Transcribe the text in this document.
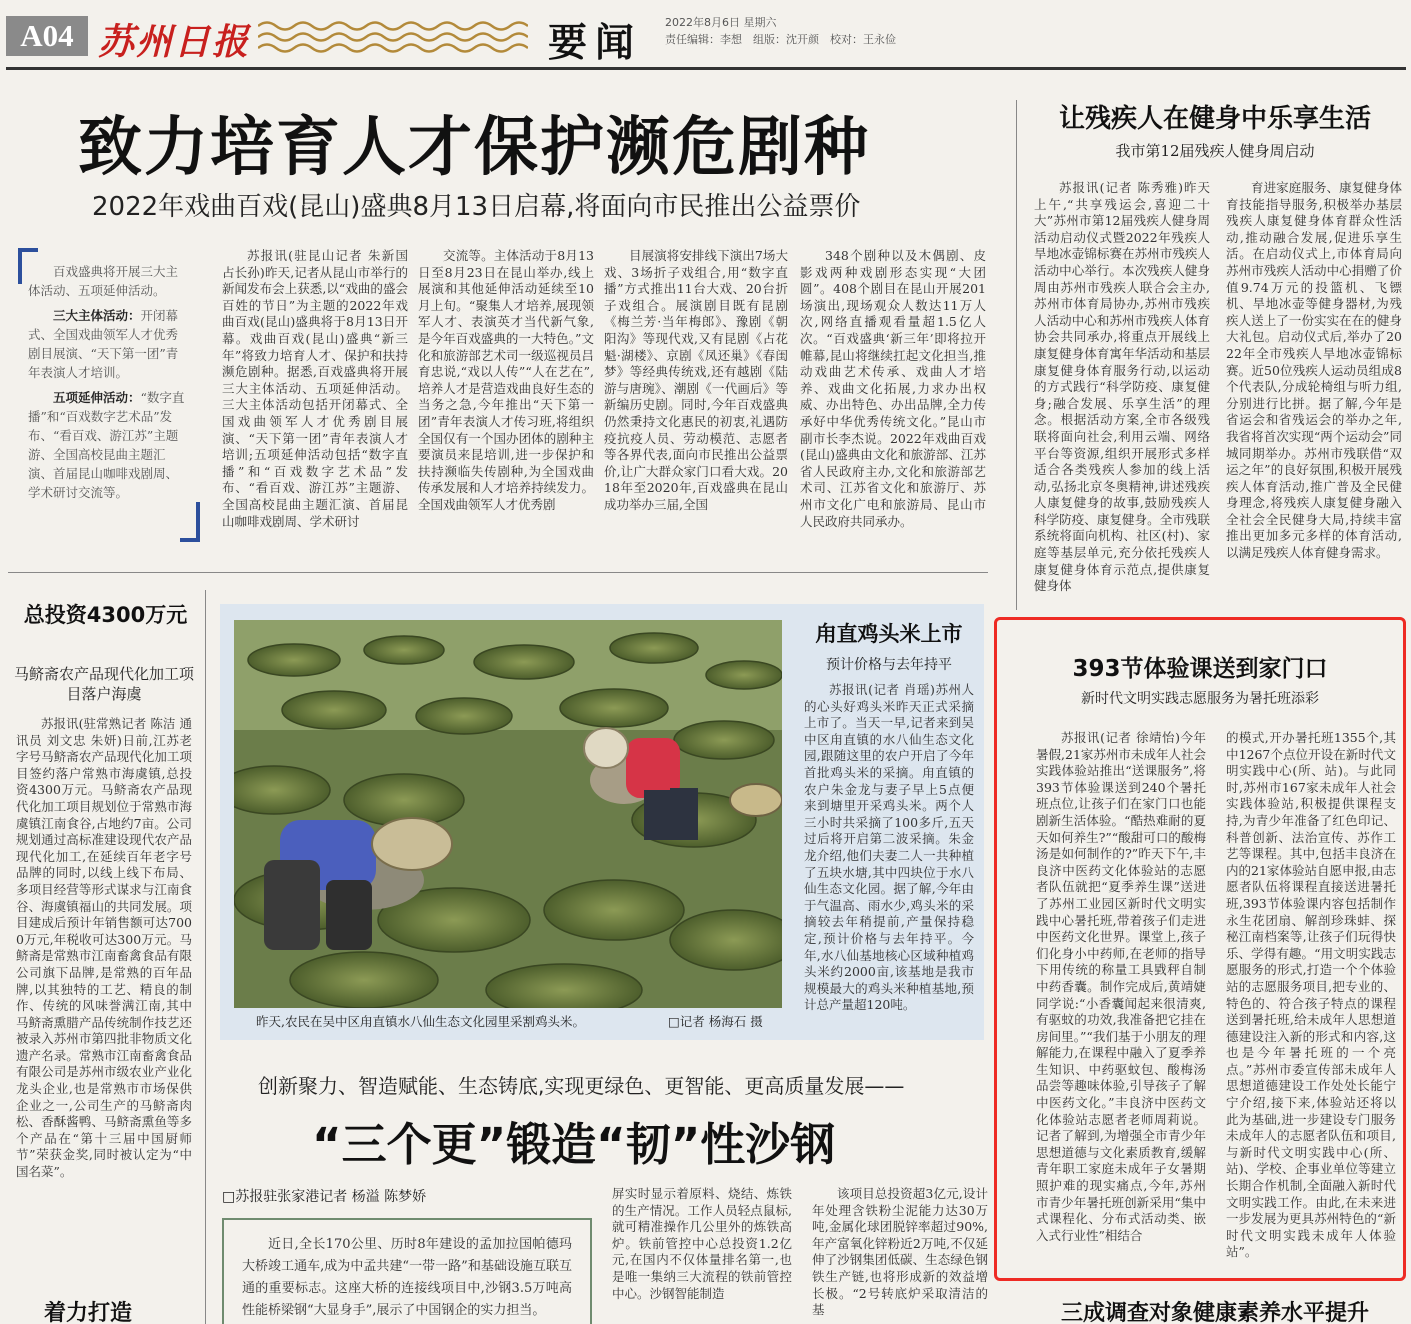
A04 苏州日报	要闻 2022年8月6日 星期六
责任编辑：李想　组版：沈开颜　校对：王永俭
致力培育人才保护濒危剧种
2022年戏曲百戏(昆山)盛典8月13日启幕,将面向市民推出公益票价

百戏盛典将开展三大主体活动、五项延伸活动。

三大主体活动：开闭幕式、全国戏曲领军人才优秀剧目展演、“天下第一团”青年表演人才培训。

五项延伸活动：“数字直播”和“百戏数字艺术品”发布、“看百戏、游江苏”主题游、全国高校昆曲主题汇演、首届昆山咖啡戏剧周、学术研讨交流等。

苏报讯(驻昆山记者 朱新国 占长孙)昨天,记者从昆山市举行的新闻发布会上获悉,以“戏曲的盛会 百姓的节日”为主题的2022年戏曲百戏(昆山)盛典将于8月13日开幕。戏曲百戏(昆山)盛典“新三年”将致力培育人才、保护和扶持濒危剧种。据悉,百戏盛典将开展三大主体活动、五项延伸活动。三大主体活动包括开闭幕式、全国戏曲领军人才优秀剧目展演、“天下第一团”青年表演人才培训;五项延伸活动包括“数字直播”和“百戏数字艺术品”发布、“看百戏、游江苏”主题游、全国高校昆曲主题汇演、首届昆山咖啡戏剧周、学术研讨

交流等。主体活动于8月13日至8月23日在昆山举办,线上展演和其他延伸活动延续至10月上旬。“聚集人才培养,展现领军人才、表演英才当代新气象,是今年百戏盛典的一大特色。”文化和旅游部艺术司一级巡视员吕育忠说,“戏以人传”“人在艺在”,培养人才是营造戏曲良好生态的当务之急,今年推出“天下第一团”青年表演人才传习班,将组织全国仅有一个国办团体的剧种主要演员来昆培训,进一步保护和扶持濒临失传剧种,为全国戏曲传承发展和人才培养持续发力。全国戏曲领军人才优秀剧

目展演将安排线下演出7场大戏、3场折子戏组合,用“数字直播”方式推出11台大戏、20台折子戏组合。展演剧目既有昆剧《梅兰芳·当年梅郎》、豫剧《朝阳沟》等现代戏,又有昆剧《占花魁·湖楼》、京剧《凤还巢》《春闺梦》等经典传统戏,还有越剧《陆游与唐琬》、潮剧《一代画后》等新编历史剧。同时,今年百戏盛典仍然秉持文化惠民的初衷,礼遇防疫抗疫人员、劳动模范、志愿者等各界代表,面向市民推出公益票价,让广大群众家门口看大戏。2018年至2020年,百戏盛典在昆山成功举办三届,全国

348个剧种以及木偶剧、皮影戏两种戏剧形态实现“大团圆”。408个剧目在昆山开展201场演出,现场观众人数达11万人次,网络直播观看量超1.5亿人次。“百戏盛典‘新三年’即将拉开帷幕,昆山将继续扛起文化担当,推动戏曲艺术传承、戏曲人才培养、戏曲文化拓展,力求办出权威、办出特色、办出品牌,全力传承好中华优秀传统文化。”昆山市副市长李杰说。2022年戏曲百戏(昆山)盛典由文化和旅游部、江苏省人民政府主办,文化和旅游部艺术司、江苏省文化和旅游厅、苏州市文化广电和旅游局、昆山市人民政府共同承办。

让残疾人在健身中乐享生活
我市第12届残疾人健身周启动

苏报讯(记者 陈秀雅)昨天上午,“共享残运会,喜迎二十大”苏州市第12届残疾人健身周活动启动仪式暨2022年残疾人旱地冰壶锦标赛在苏州市残疾人活动中心举行。本次残疾人健身周由苏州市残疾人联合会主办,苏州市体育局协办,苏州市残疾人活动中心和苏州市残疾人体育协会共同承办,将重点开展线上康复健身体育寓年华活动和基层康复健身体育服务行动,以运动的方式践行“科学防疫、康复健身;融合发展、乐享生活”的理念。根据活动方案,全市各级残联将面向社会,利用云端、网络平台等资源,组织开展形式多样适合各类残疾人参加的线上活动,弘扬北京冬奥精神,讲述残疾人康复健身的故事,鼓励残疾人科学防疫、康复健身。全市残联系统将面向机构、社区(村)、家庭等基层单元,充分依托残疾人康复健身体育示范点,提供康复健身体

育进家庭服务、康复健身体育技能指导服务,积极举办基层残疾人康复健身体育群众性活动,推动融合发展,促进乐享生活。在启动仪式上,市体育局向苏州市残疾人活动中心捐赠了价值9.74万元的投篮机、飞镖机、旱地冰壶等健身器材,为残疾人送上了一份实实在在的健身大礼包。启动仪式后,举办了2022年全市残疾人旱地冰壶锦标赛。近50位残疾人运动员组成8个代表队,分成轮椅组与听力组,分别进行比拼。据了解,今年是省运会和省残运会的举办之年,我省将首次实现“两个运动会”同城同期举办。苏州市残联借“双运之年”的良好氛围,积极开展残疾人体育活动,推广普及全民健身理念,将残疾人康复健身融入全社会全民健身大局,持续丰富推出更加多元多样的体育活动,以满足残疾人体育健身需求。

总投资4300万元
马鲚斋农产品现代化加工项目落户海虞

苏报讯(驻常熟记者 陈洁 通讯员 刘文忠 朱妍)日前,江苏老字号马鲚斋农产品现代化加工项目签约落户常熟市海虞镇,总投资4300万元。马鲚斋农产品现代化加工项目规划位于常熟市海虞镇江南食谷,占地约7亩。公司规划通过高标准建设现代农产品现代化加工,在延续百年老字号品牌的同时,以线上线下布局、多项目经营等形式谋求与江南食谷、海虞镇福山的共同发展。项目建成后预计年销售额可达7000万元,年税收可达300万元。马鲚斋是常熟市江南畜禽食品有限公司旗下品牌,是常熟的百年品牌,以其独特的工艺、精良的制作、传统的风味誉满江南,其中马鲚斋熏腊产品传统制作技艺还被录入苏州市第四批非物质文化遗产名录。常熟市江南畜禽食品有限公司是苏州市级农业产业化龙头企业,也是常熟市市场保供企业之一,公司生产的马鲚斋肉松、香酥酱鸭、马鲚斋熏鱼等多个产品在“第十三届中国厨师节”荣获金奖,同时被认定为“中国名菜”。

着力打造
昨天,农民在吴中区甪直镇水八仙生态文化园里采割鸡头米。	□记者 杨海石 摄
甪直鸡头米上市
预计价格与去年持平

苏报讯(记者 肖瑶)苏州人的心头好鸡头米昨天正式采摘上市了。当天一早,记者来到吴中区甪直镇的水八仙生态文化园,跟随这里的农户开启了今年首批鸡头米的采摘。甪直镇的农户朱金龙与妻子早上5点便来到塘里开采鸡头米。两个人三小时共采摘了100多斤,五天过后将开启第二波采摘。朱金龙介绍,他们夫妻二人一共种植了五块水塘,其中四块位于水八仙生态文化园。据了解,今年由于气温高、雨水少,鸡头米的采摘较去年稍提前,产量保持稳定,预计价格与去年持平。今年,水八仙基地核心区域种植鸡头米约2000亩,该基地是我市规模最大的鸡头米种植基地,预计总产量超120吨。

创新聚力、智造赋能、生态铸底,实现更绿色、更智能、更高质量发展——
“三个更”锻造“韧”性沙钢
□苏报驻张家港记者 杨溢 陈梦娇

近日,全长170公里、历时8年建设的孟加拉国帕德玛大桥竣工通车,成为中孟共建“一带一路”和基础设施互联互通的重要标志。这座大桥的连接线项目中,沙钢3.5万吨高性能桥梁钢“大显身手”,展示了中国钢企的实力担当。

屏实时显示着原料、烧结、炼铁的生产情况。工作人员轻点鼠标,就可精准操作几公里外的炼铁高炉。铁前管控中心总投资1.2亿元,在国内不仅体量排名第一,也是唯一集纳三大流程的铁前管控中心。沙钢智能制造

该项目总投资超3亿元,设计年处理含铁粉尘泥能力达30万吨,金属化球团脱锌率超过90%,年产富氧化锌粉近2万吨,不仅延伸了沙钢集团低碳、生态绿色钢铁生产链,也将形成新的效益增长极。“2号转底炉采取清洁的基

393节体验课送到家门口
新时代文明实践志愿服务为暑托班添彩

苏报讯(记者 徐靖怡)今年暑假,21家苏州市未成年人社会实践体验站推出“送课服务”,将393节体验课送到240个暑托班点位,让孩子们在家门口也能剧新生活体验。“酷热难耐的夏天如何养生?”“酸甜可口的酸梅汤是如何制作的?”昨天下午,丰良济中医药文化体验站的志愿者队伍就把“夏季养生课”送进了苏州工业园区新时代文明实践中心暑托班,带着孩子们走进中医药文化世界。课堂上,孩子们化身小中药师,在老师的指导下用传统的称量工具戥秤自制中药香囊。制作完成后,黄靖婕同学说:“小香囊闻起来很清爽,有驱蚊的功效,我准备把它挂在房间里。”“我们基于小朋友的理解能力,在课程中融入了夏季养生知识、中药驱蚊包、酸梅汤品尝等趣味体验,引导孩子了解中医药文化。”丰良济中医药文化体验站志愿者老师周莉说。记者了解到,为增强全市青少年思想道德与文化素质教育,缓解青年职工家庭未成年子女暑期照护难的现实痛点,今年,苏州市青少年暑托班创新采用“集中式课程化、分布式活动类、嵌入式行业性”相结合

的模式,开办暑托班1355个,其中1267个点位开设在新时代文明实践中心(所、站)。与此同时,苏州市167家未成年人社会实践体验站,积极提供课程支持,为青少年准备了红色印记、科普创新、法治宣传、苏作工艺等课程。其中,包括丰良济在内的21家体验站自愿申报,由志愿者队伍将课程直接送进暑托班,393节体验课内容包括制作永生花团扇、解剖珍珠蚌、探秘江南档案等,让孩子们玩得快乐、学得有趣。“用文明实践志愿服务的形式,打造一个个体验站的志愿服务项目,把专业的、特色的、符合孩子特点的课程送到暑托班,给未成年人思想道德建设注入新的形式和内容,这也是今年暑托班的一个亮点。”苏州市委宣传部未成年人思想道德建设工作处处长能宁宁介绍,接下来,体验站还将以此为基础,进一步建设专门服务未成年人的志愿者队伍和项目,与新时代文明实践中心(所、站)、学校、企事业单位等建立长期合作机制,全面融入新时代文明实践工作。由此,在未来进一步发展为更具苏州特色的“新时代文明实践未成年人体验站”。

三成调查对象健康素养水平提升
